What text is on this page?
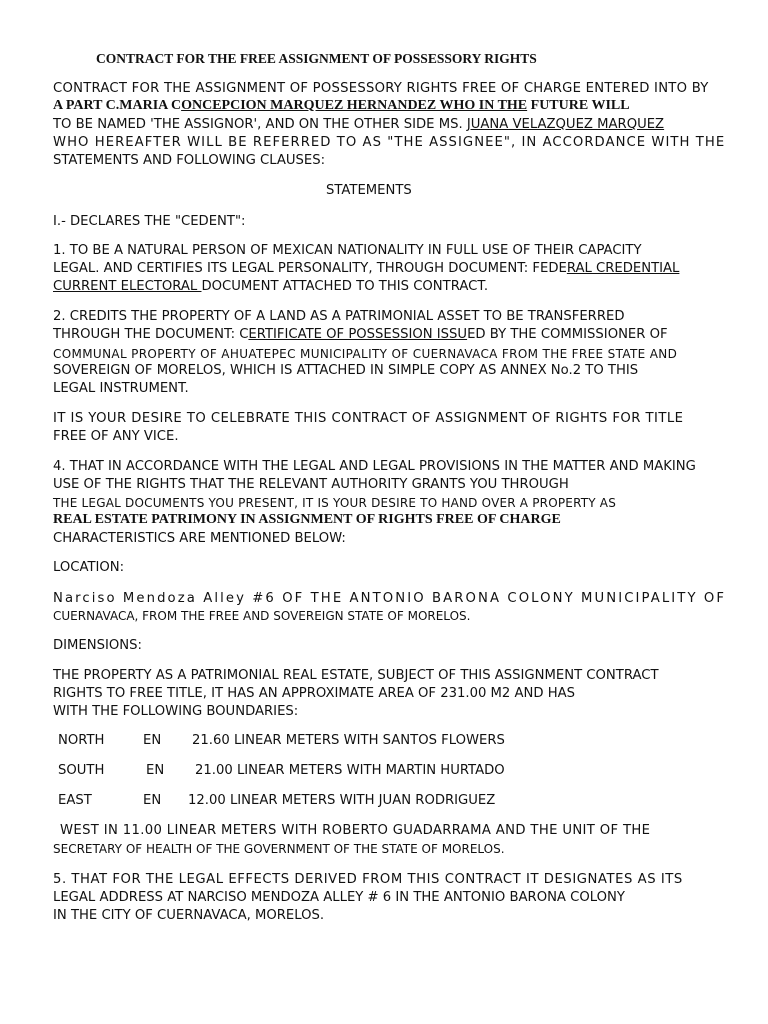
CONTRACT FOR THE FREE ASSIGNMENT OF POSSESSORY RIGHTS
CONTRACT FOR THE ASSIGNMENT OF POSSESSORY RIGHTS FREE OF CHARGE ENTERED INTO BY
A PART C.MARIA CONCEPCION MARQUEZ HERNANDEZ WHO IN THE FUTURE WILL
TO BE NAMED 'THE ASSIGNOR', AND ON THE OTHER SIDE MS. JUANA VELAZQUEZ MARQUEZ
WHO HEREAFTER WILL BE REFERRED TO AS "THE ASSIGNEE", IN ACCORDANCE WITH THE
STATEMENTS AND FOLLOWING CLAUSES:
STATEMENTS
I.- DECLARES THE "CEDENT":
1. TO BE A NATURAL PERSON OF MEXICAN NATIONALITY IN FULL USE OF THEIR CAPACITY
LEGAL. AND CERTIFIES ITS LEGAL PERSONALITY, THROUGH DOCUMENT: FEDERAL CREDENTIAL
CURRENT ELECTORAL DOCUMENT ATTACHED TO THIS CONTRACT.
2. CREDITS THE PROPERTY OF A LAND AS A PATRIMONIAL ASSET TO BE TRANSFERRED
THROUGH THE DOCUMENT: CERTIFICATE OF POSSESSION ISSUED BY THE COMMISSIONER OF
COMMUNAL PROPERTY OF AHUATEPEC MUNICIPALITY OF CUERNAVACA FROM THE FREE STATE AND
SOVEREIGN OF MORELOS, WHICH IS ATTACHED IN SIMPLE COPY AS ANNEX No.2 TO THIS
LEGAL INSTRUMENT.
IT IS YOUR DESIRE TO CELEBRATE THIS CONTRACT OF ASSIGNMENT OF RIGHTS FOR TITLE
FREE OF ANY VICE.
4. THAT IN ACCORDANCE WITH THE LEGAL AND LEGAL PROVISIONS IN THE MATTER AND MAKING
USE OF THE RIGHTS THAT THE RELEVANT AUTHORITY GRANTS YOU THROUGH
THE LEGAL DOCUMENTS YOU PRESENT, IT IS YOUR DESIRE TO HAND OVER A PROPERTY AS
REAL ESTATE PATRIMONY IN ASSIGNMENT OF RIGHTS FREE OF CHARGE
CHARACTERISTICS ARE MENTIONED BELOW:
LOCATION:
Narciso Mendoza Alley #6 OF THE ANTONIO BARONA COLONY MUNICIPALITY OF
CUERNAVACA, FROM THE FREE AND SOVEREIGN STATE OF MORELOS.
DIMENSIONS:
THE PROPERTY AS A PATRIMONIAL REAL ESTATE, SUBJECT OF THIS ASSIGNMENT CONTRACT
RIGHTS TO FREE TITLE, IT HAS AN APPROXIMATE AREA OF 231.00 M2 AND HAS
WITH THE FOLLOWING BOUNDARIES:
NORTH	EN 21.60 LINEAR METERS WITH SANTOS FLOWERS
SOUTH	EN 21.00 LINEAR METERS WITH MARTIN HURTADO
EAST	EN 12.00 LINEAR METERS WITH JUAN RODRIGUEZ
WEST IN 11.00 LINEAR METERS WITH ROBERTO GUADARRAMA AND THE UNIT OF THE
SECRETARY OF HEALTH OF THE GOVERNMENT OF THE STATE OF MORELOS.
5. THAT FOR THE LEGAL EFFECTS DERIVED FROM THIS CONTRACT IT DESIGNATES AS ITS
LEGAL ADDRESS AT NARCISO MENDOZA ALLEY # 6 IN THE ANTONIO BARONA COLONY
IN THE CITY OF CUERNAVACA, MORELOS.
